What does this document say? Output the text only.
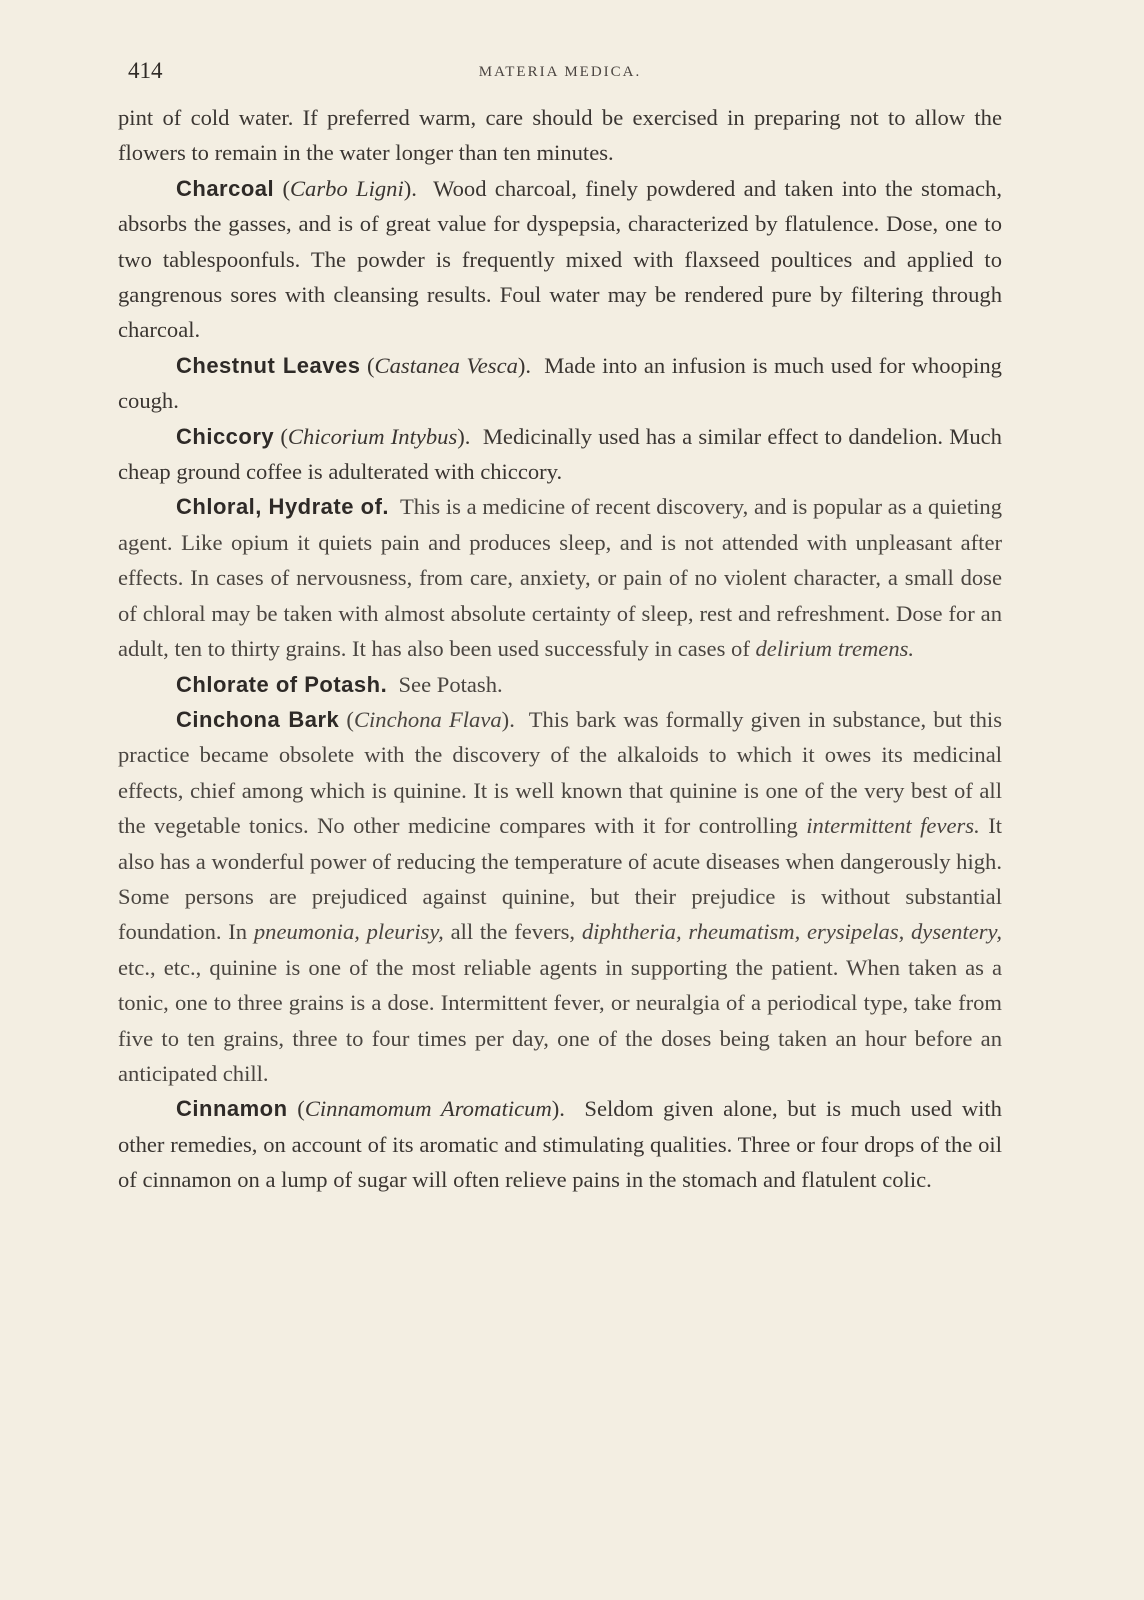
414	MATERIA MEDICA.

pint of cold water. If preferred warm, care should be exercised in preparing not to allow the flowers to remain in the water longer than ten minutes.

Charcoal (Carbo Ligni).  Wood charcoal, finely powdered and taken into the stomach, absorbs the gasses, and is of great value for dyspepsia, characterized by flatulence. Dose, one to two tablespoonfuls. The powder is frequently mixed with flaxseed poultices and applied to gangrenous sores with cleansing results. Foul water may be rendered pure by filtering through charcoal.

Chestnut Leaves (Castanea Vesca).  Made into an infusion is much used for whooping cough.

Chiccory (Chicorium Intybus).  Medicinally used has a similar effect to dandelion. Much cheap ground coffee is adulterated with chiccory.

Chloral, Hydrate of. This is a medicine of recent discovery, and is popular as a quieting agent. Like opium it quiets pain and produces sleep, and is not attended with unpleasant after effects. In cases of nervousness, from care, anxiety, or pain of no violent character, a small dose of chloral may be taken with almost absolute certainty of sleep, rest and refreshment. Dose for an adult, ten to thirty grains. It has also been used successfuly in cases of delirium tremens.

Chlorate of Potash. See Potash.

Cinchona Bark (Cinchona Flava).  This bark was formally given in substance, but this practice became obsolete with the discovery of the alkaloids to which it owes its medicinal effects, chief among which is quinine. It is well known that quinine is one of the very best of all the vegetable tonics. No other medicine compares with it for controlling intermittent fevers. It also has a wonderful power of reducing the temperature of acute diseases when dangerously high. Some persons are prejudiced against quinine, but their prejudice is without substantial foundation. In pneumonia, pleurisy, all the fevers, diphtheria, rheumatism, erysipelas, dysentery, etc., etc., quinine is one of the most reliable agents in supporting the patient. When taken as a tonic, one to three grains is a dose. Intermittent fever, or neuralgia of a periodical type, take from five to ten grains, three to four times per day, one of the doses being taken an hour before an anticipated chill.

Cinnamon (Cinnamomum Aromaticum).  Seldom given alone, but is much used with other remedies, on account of its aromatic and stimulating qualities. Three or four drops of the oil of cinnamon on a lump of sugar will often relieve pains in the stomach and flatulent colic.
